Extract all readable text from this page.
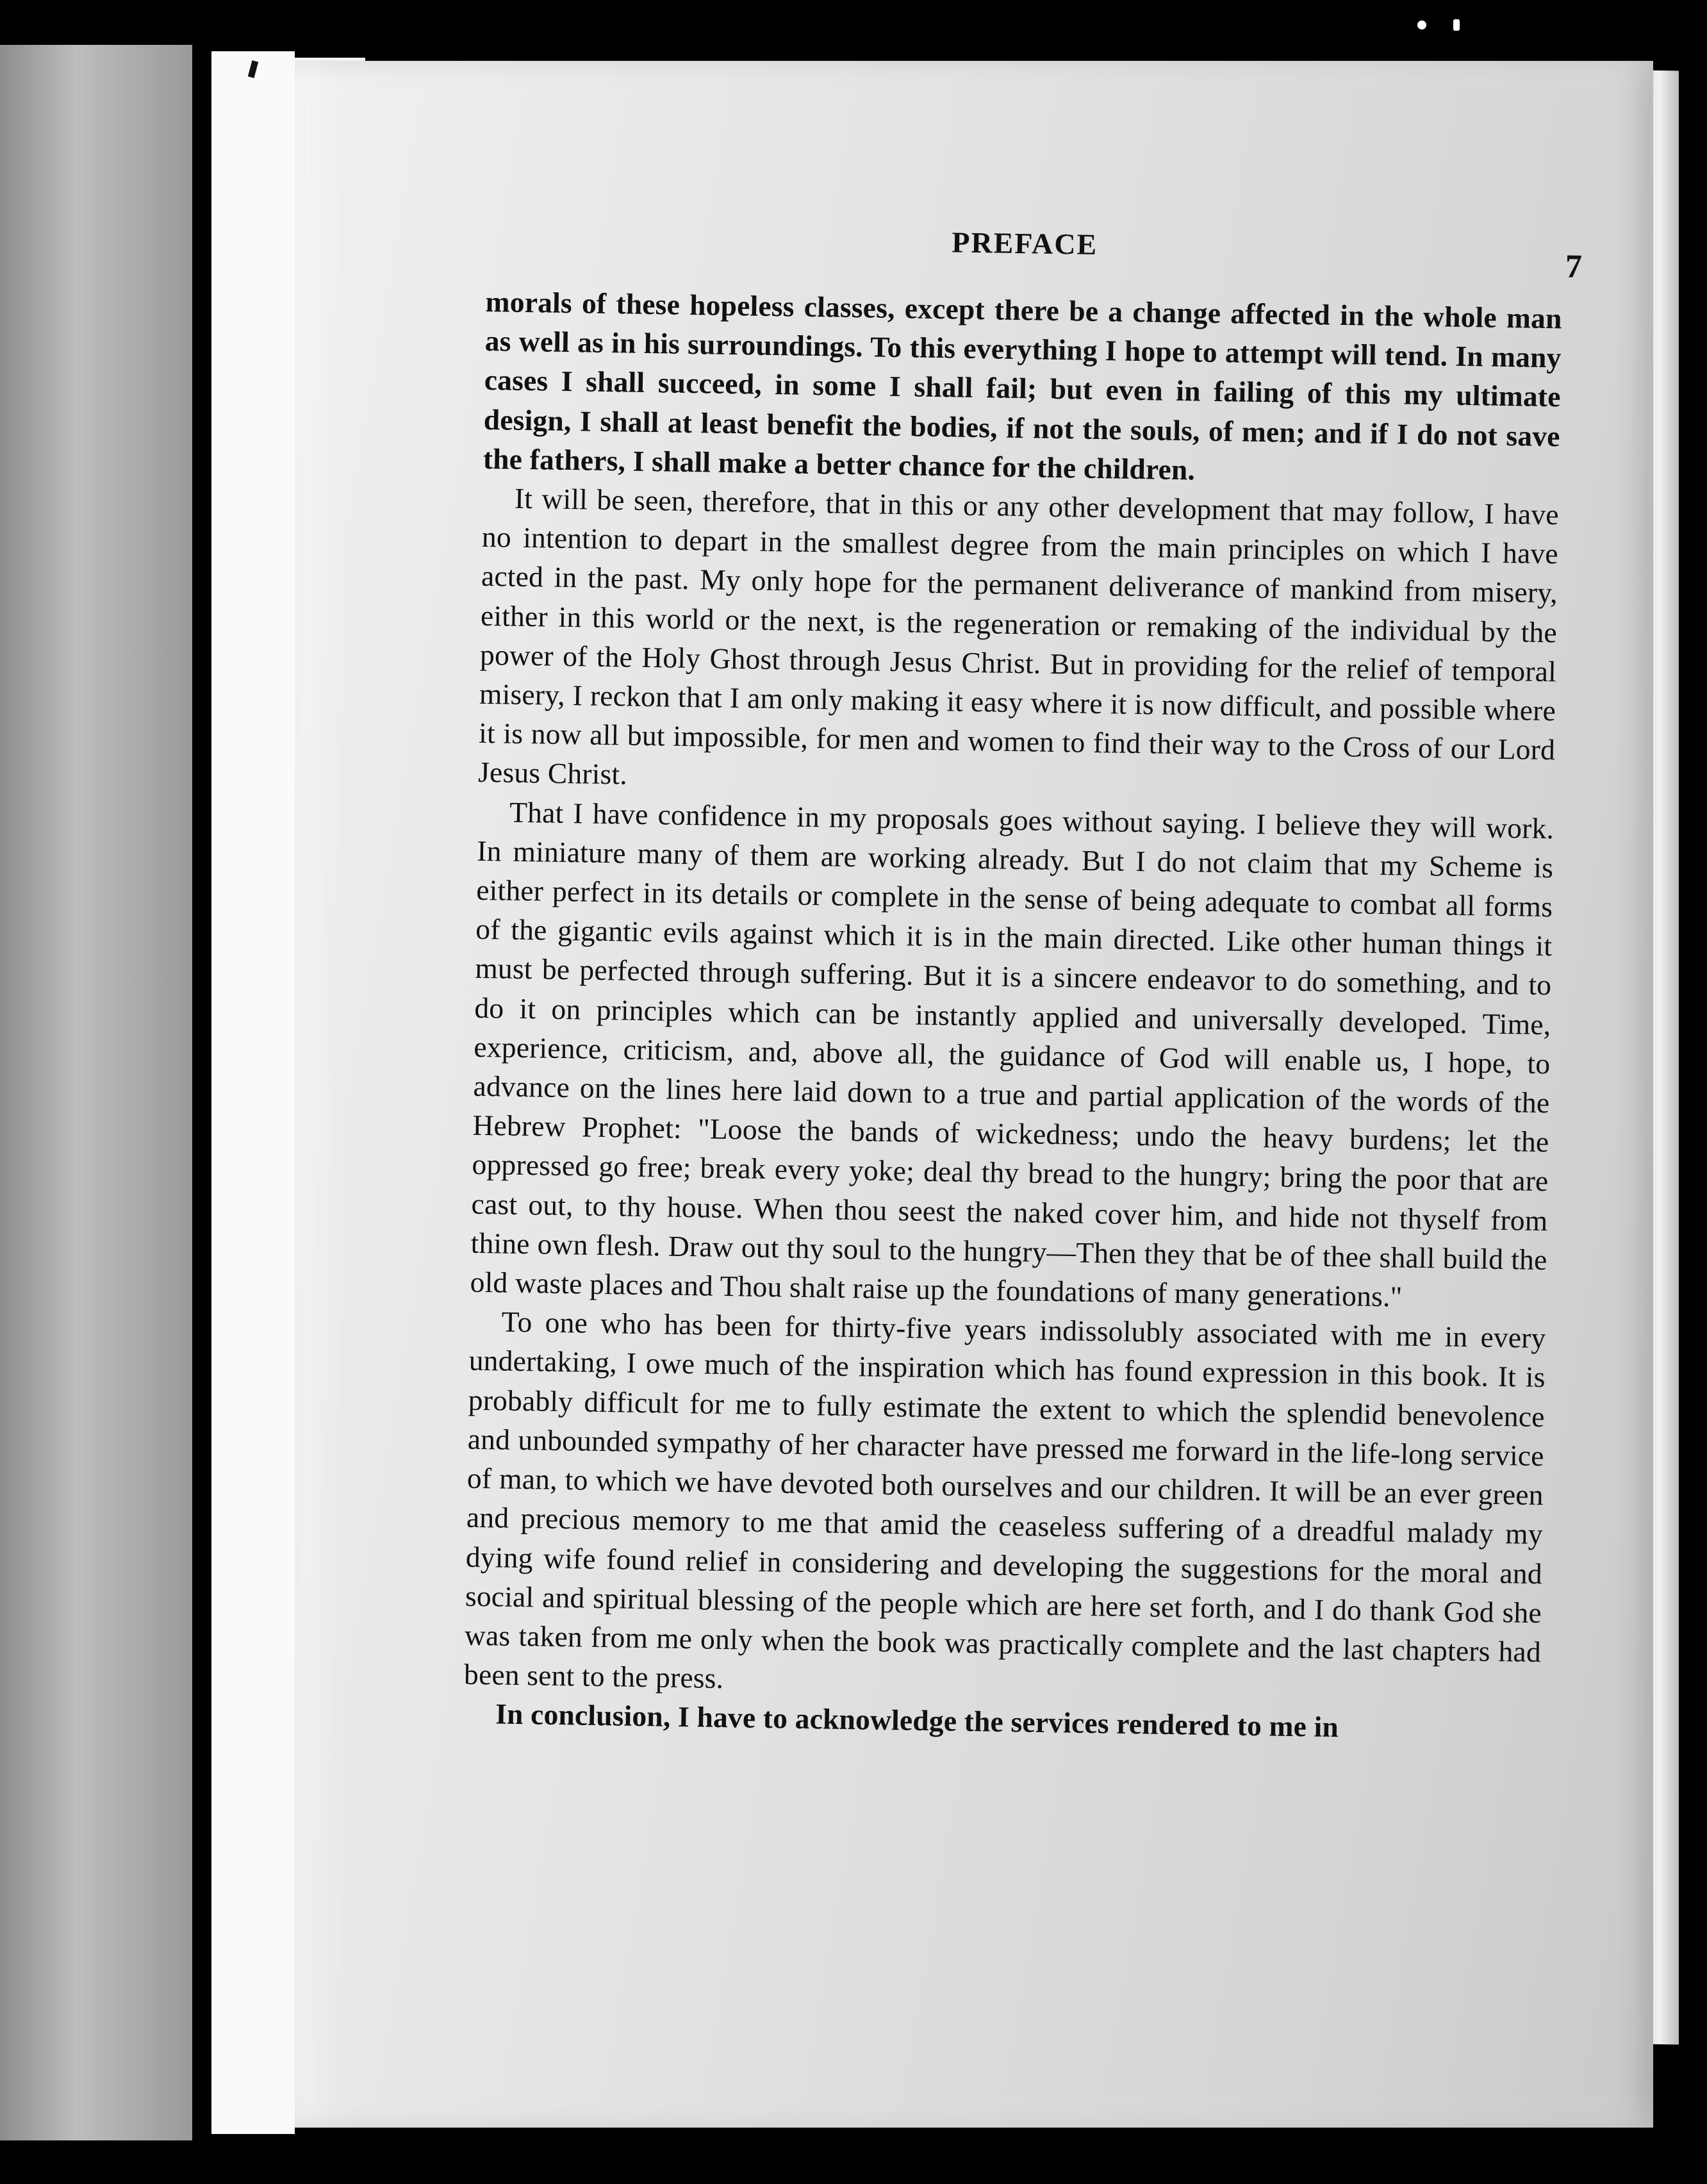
PREFACE
7

morals of these hopeless classes, except there be a change affected in the whole man as well as in his surroundings. To this everything I hope to attempt will tend. In many cases I shall succeed, in some I shall fail; but even in failing of this my ultimate design, I shall at least benefit the bodies, if not the souls, of men; and if I do not save the fathers, I shall make a better chance for the children.

It will be seen, therefore, that in this or any other development that may follow, I have no intention to depart in the smallest degree from the main principles on which I have acted in the past. My only hope for the permanent deliverance of mankind from misery, either in this world or the next, is the regeneration or remaking of the individual by the power of the Holy Ghost through Jesus Christ. But in providing for the relief of temporal misery, I reckon that I am only making it easy where it is now difficult, and possible where it is now all but impossible, for men and women to find their way to the Cross of our Lord Jesus Christ.

That I have confidence in my proposals goes without saying. I believe they will work. In miniature many of them are working already. But I do not claim that my Scheme is either perfect in its details or complete in the sense of being adequate to combat all forms of the gigantic evils against which it is in the main directed. Like other human things it must be perfected through suffering. But it is a sincere endeavor to do something, and to do it on principles which can be instantly applied and universally developed. Time, experience, criticism, and, above all, the guidance of God will enable us, I hope, to advance on the lines here laid down to a true and partial application of the words of the Hebrew Prophet: "Loose the bands of wickedness; undo the heavy burdens; let the oppressed go free; break every yoke; deal thy bread to the hungry; bring the poor that are cast out, to thy house. When thou seest the naked cover him, and hide not thyself from thine own flesh. Draw out thy soul to the hungry—Then they that be of thee shall build the old waste places and Thou shalt raise up the foundations of many generations."

To one who has been for thirty-five years indissolubly associated with me in every undertaking, I owe much of the inspiration which has found expression in this book. It is probably difficult for me to fully estimate the extent to which the splendid benevolence and unbounded sympathy of her character have pressed me forward in the life-long service of man, to which we have devoted both ourselves and our children. It will be an ever green and precious memory to me that amid the ceaseless suffering of a dreadful malady my dying wife found relief in considering and developing the suggestions for the moral and social and spiritual blessing of the people which are here set forth, and I do thank God she was taken from me only when the book was practically complete and the last chapters had been sent to the press.

In conclusion, I have to acknowledge the services rendered to me in
